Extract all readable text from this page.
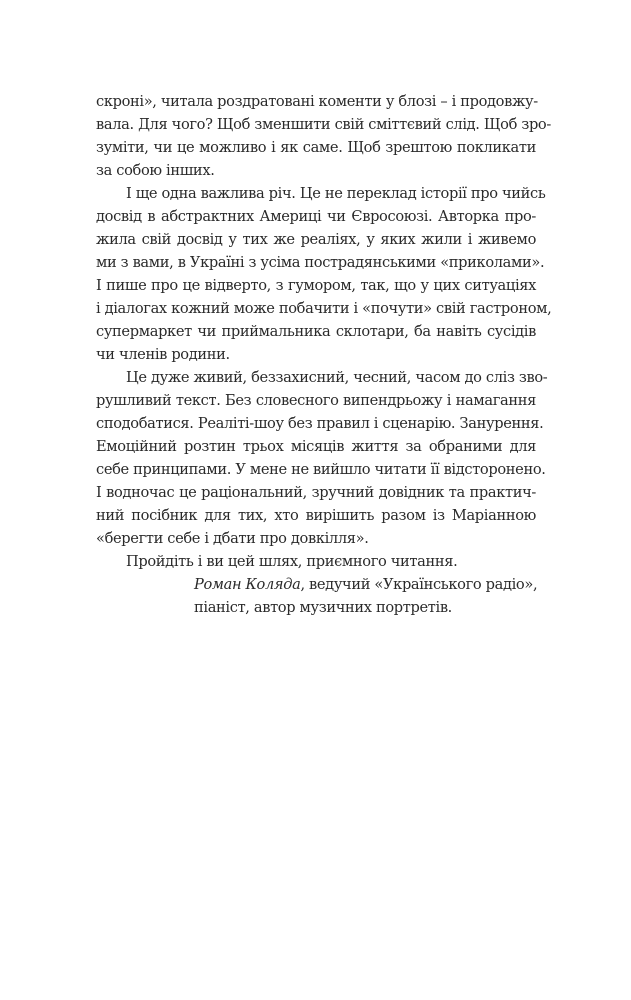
скроні», читала роздратовані коменти у блозі – і продовжу-
вала. Для чого? Щоб зменшити свій сміттєвий слід. Щоб зро-
зуміти, чи це можливо і як саме. Щоб зрештою покликати
за собою інших.
І ще одна важлива річ. Це не переклад історії про чийсь
досвід в абстрактних Америці чи Євросоюзі. Авторка про-
жила свій досвід у тих же реаліях, у яких жили і живемо
ми з вами, в Україні з усіма пострадянськими «приколами».
І пише про це відверто, з гумором, так, що у цих ситуаціях
і діалогах кожний може побачити і «почути» свій гастроном,
супермаркет чи приймальника склотари, ба навіть сусідів
чи членів родини.
Це дуже живий, беззахисний, чесний, часом до сліз зво-
рушливий текст. Без словесного випендрьожу і намагання
сподобатися. Реаліті-шоу без правил і сценарію. Занурення.
Емоційний розтин трьох місяців життя за обраними для
себе принципами. У мене не вийшло читати її відсторонено.
І водночас це раціональний, зручний довідник та практич-
ний посібник для тих, хто вирішить разом із Маріанною
«берегти себе і дбати про довкілля».
Пройдіть і ви цей шлях, приємного читання.
Роман Коляда, ведучий «Українського радіо»,
піаніст, автор музичних портретів.
